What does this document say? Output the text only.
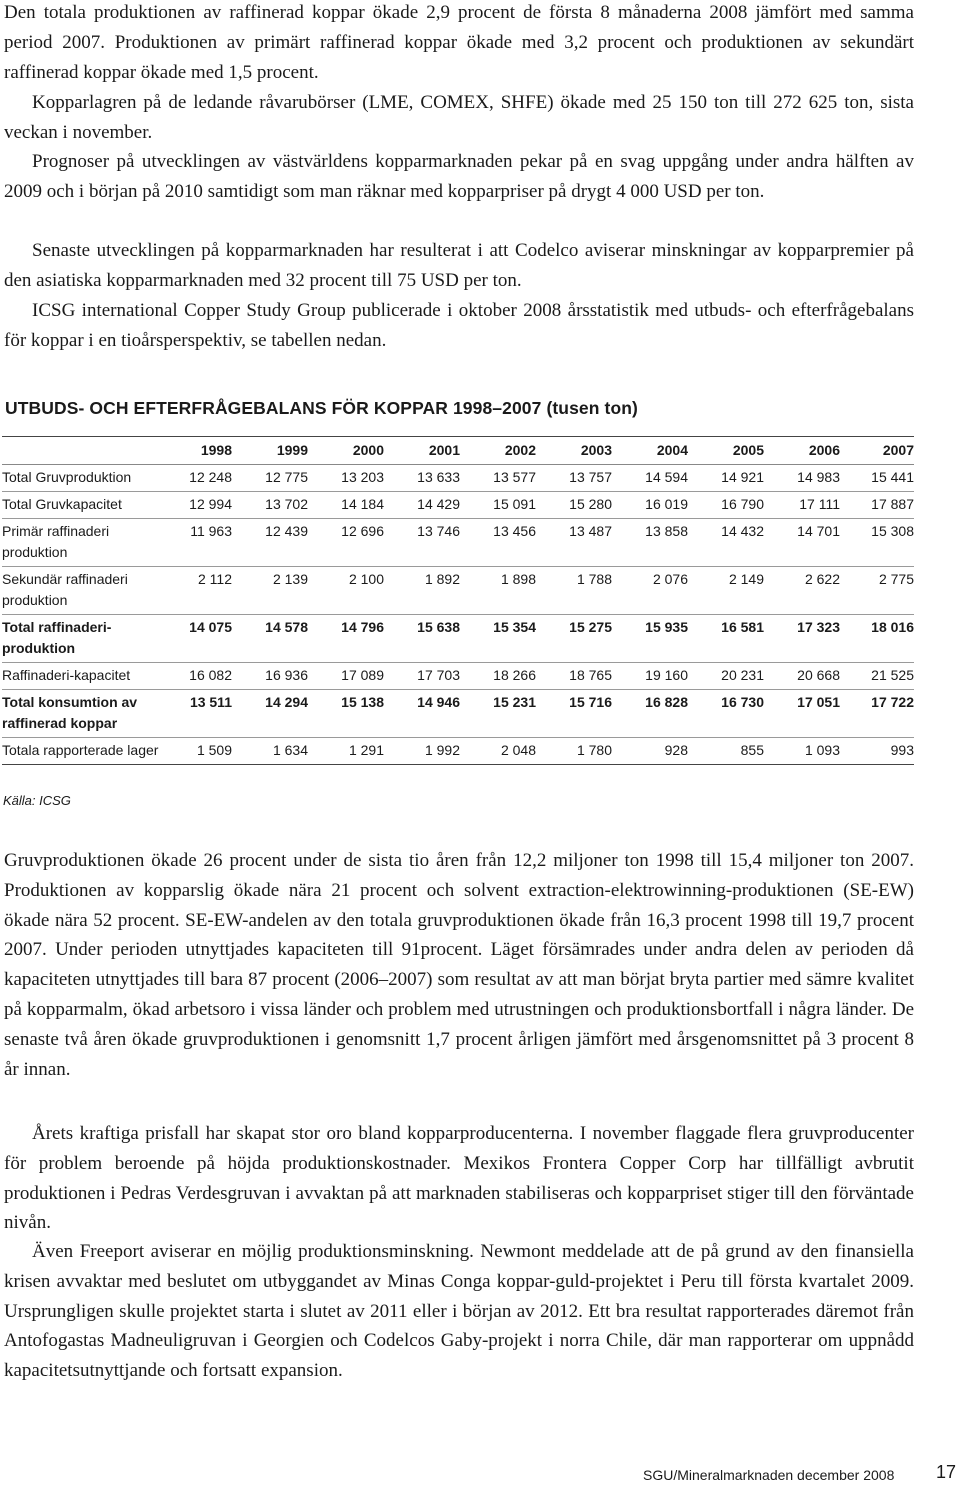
Den totala produktionen av raffinerad koppar ökade 2,9 procent de första 8 månaderna 2008 jämfört med samma period 2007. Produktionen av primärt raffinerad koppar ökade med 3,2 procent och produktionen av sekundärt raffinerad koppar ökade med 1,5 procent.

Kopparlagren på de ledande råvarubörser (LME, COMEX, SHFE) ökade med 25 150 ton till 272 625 ton, sista veckan i november.

Prognoser på utvecklingen av västvärldens kopparmarknaden pekar på en svag uppgång under andra hälften av 2009 och i början på 2010 samtidigt som man räknar med kopparpriser på drygt 4 000 USD per ton.

Senaste utvecklingen på kopparmarknaden har resulterat i att Codelco aviserar minskningar av kopparpremier på den asiatiska kopparmarknaden med 32 procent till 75 USD per ton.

ICSG international Copper Study Group publicerade i oktober 2008 årsstatistik med utbuds- och efterfrågebalans för koppar i en tioårsperspektiv, se tabellen nedan.

UTBUDS- OCH EFTERFRÅGEBALANS FÖR KOPPAR 1998–2007 (tusen ton)
	1998	1999	2000	2001	2002	2003	2004	2005	2006	2007
Total Gruvproduktion	12 248	12 775	13 203	13 633	13 577	13 757	14 594	14 921	14 983	15 441
Total Gruvkapacitet	12 994	13 702	14 184	14 429	15 091	15 280	16 019	16 790	17 111	17 887
Primär raffinaderi produktion	11 963	12 439	12 696	13 746	13 456	13 487	13 858	14 432	14 701	15 308
Sekundär raffinaderi produktion	2 112	2 139	2 100	1 892	1 898	1 788	2 076	2 149	2 622	2 775
Total raffinaderi-produktion	14 075	14 578	14 796	15 638	15 354	15 275	15 935	16 581	17 323	18 016
Raffinaderi-kapacitet	16 082	16 936	17 089	17 703	18 266	18 765	19 160	20 231	20 668	21 525
Total konsumtion av raffinerad koppar	13 511	14 294	15 138	14 946	15 231	15 716	16 828	16 730	17 051	17 722
Totala rapporterade lager	1 509	1 634	1 291	1 992	2 048	1 780	928	855	1 093	993

Källa: ICSG

Gruvproduktionen ökade 26 procent under de sista tio åren från 12,2 miljoner ton 1998 till 15,4 miljoner ton 2007. Produktionen av kopparslig ökade nära 21 procent och solvent extraction-elektrowinning-produktionen (SE-EW) ökade nära 52 procent. SE-EW-andelen av den totala gruvproduktionen ökade från 16,3 procent 1998 till 19,7 procent 2007. Under perioden utnyttjades kapaciteten till 91procent. Läget försämrades under andra delen av perioden då kapaciteten utnyttjades till bara 87 procent (2006–2007) som resultat av att man börjat bryta partier med sämre kvalitet på kopparmalm, ökad arbetsoro i vissa länder och problem med utrustningen och produktionsbortfall i några länder. De senaste två åren ökade gruvproduktionen i genomsnitt 1,7 procent årligen jämfört med årsgenomsnittet på 3 procent 8 år innan.

Årets kraftiga prisfall har skapat stor oro bland kopparproducenterna. I november flaggade flera gruvproducenter för problem beroende på höjda produktionskostnader. Mexikos Frontera Copper Corp har tillfälligt avbrutit produktionen i Pedras Verdesgruvan i avvaktan på att marknaden stabiliseras och kopparpriset stiger till den förväntade nivån.

Även Freeport aviserar en möjlig produktionsminskning. Newmont meddelade att de på grund av den finansiella krisen avvaktar med beslutet om utbyggandet av Minas Conga koppar-guld-projektet i Peru till första kvartalet 2009. Ursprungligen skulle projektet starta i slutet av 2011 eller i början av 2012. Ett bra resultat rapporterades däremot från Antofogastas Madneuligruvan i Georgien och Codelcos Gaby-projekt i norra Chile, där man rapporterar om uppnådd kapacitetsutnyttjande och fortsatt expansion.

SGU/Mineralmarknaden december 2008 17
